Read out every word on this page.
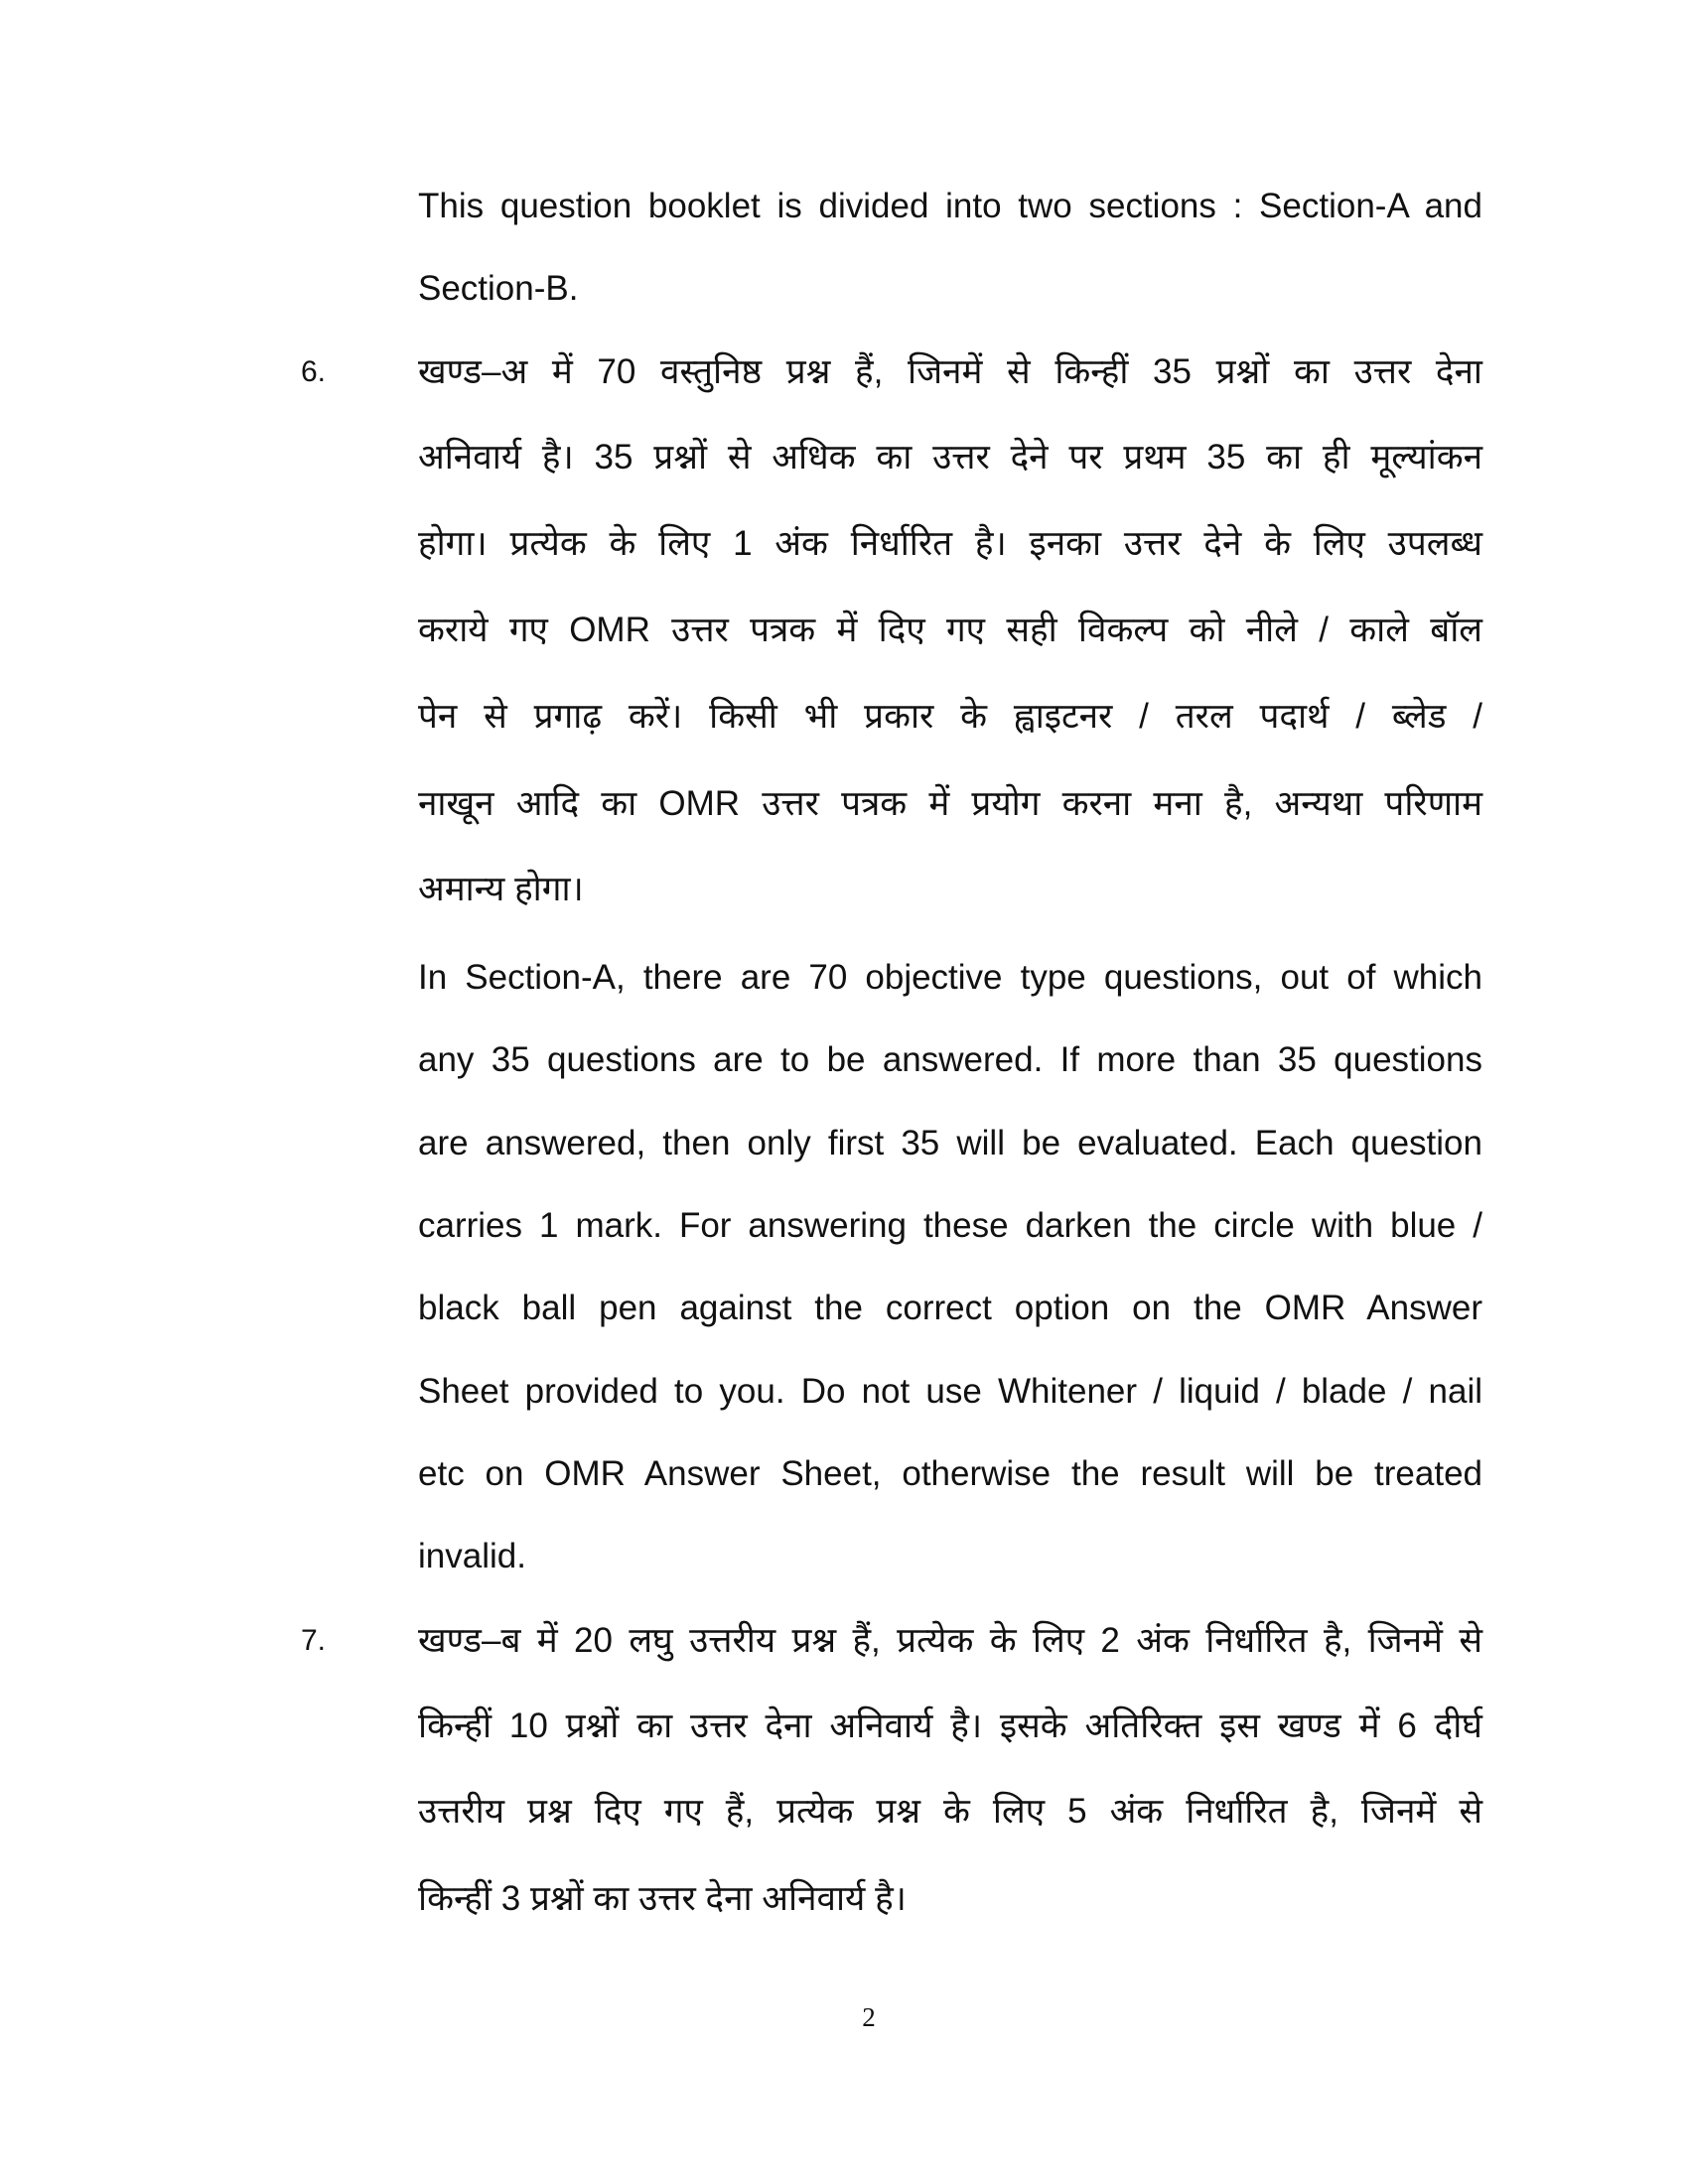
This question booklet is divided into two sections : Section-A and
Section-B.
6.	खण्ड–अ में 70 वस्तुनिष्ठ प्रश्न हैं, जिनमें से किन्हीं 35 प्रश्नों का उत्तर देना
अनिवार्य है। 35 प्रश्नों से अधिक का उत्तर देने पर प्रथम 35 का ही मूल्यांकन
होगा। प्रत्येक के लिए 1 अंक निर्धारित है। इनका उत्तर देने के लिए उपलब्ध
कराये गए OMR उत्तर पत्रक में दिए गए सही विकल्प को नीले / काले बॉल
पेन से प्रगाढ़ करें। किसी भी प्रकार के ह्वाइटनर / तरल पदार्थ / ब्लेड /
नाखून आदि का OMR उत्तर पत्रक में प्रयोग करना मना है, अन्यथा परिणाम
अमान्य होगा।
In Section-A, there are 70 objective type questions, out of which
any 35 questions are to be answered. If more than 35 questions
are answered, then only first 35 will be evaluated. Each question
carries 1 mark. For answering these darken the circle with blue /
black ball pen against the correct option on the OMR Answer
Sheet provided to you. Do not use Whitener / liquid / blade / nail
etc on OMR Answer Sheet, otherwise the result will be treated
invalid.
7.	खण्ड–ब में 20 लघु उत्तरीय प्रश्न हैं, प्रत्येक के लिए 2 अंक निर्धारित है, जिनमें से
किन्हीं 10 प्रश्नों का उत्तर देना अनिवार्य है। इसके अतिरिक्त इस खण्ड में 6 दीर्घ
उत्तरीय प्रश्न दिए गए हैं, प्रत्येक प्रश्न के लिए 5 अंक निर्धारित है, जिनमें से
किन्हीं 3 प्रश्नों का उत्तर देना अनिवार्य है।
2
